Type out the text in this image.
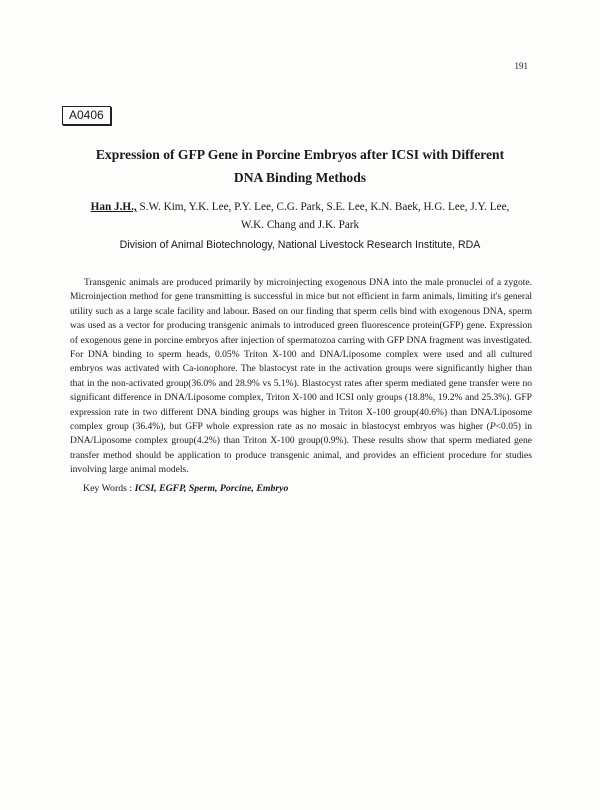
191
A0406
Expression of GFP Gene in Porcine Embryos after ICSI with Different
DNA Binding Methods
Han J.H., S.W. Kim, Y.K. Lee, P.Y. Lee, C.G. Park, S.E. Lee, K.N. Baek, H.G. Lee, J.Y. Lee,
W.K. Chang and J.K. Park
Division of Animal Biotechnology, National Livestock Research Institute, RDA

Transgenic animals are produced primarily by microinjecting exogenous DNA into the male pronuclei of a zygote. Microinjection method for gene transmitting is successful in mice but not efficient in farm animals, limiting it's general utility such as a large scale facility and labour. Based on our finding that sperm cells bind with exogenous DNA, sperm was used as a vector for producing transgenic animals to introduced green fluorescence protein(GFP) gene. Expression of exogenous gene in porcine embryos after injection of spermatozoa carring with GFP DNA fragment was investigated. For DNA binding to sperm heads, 0.05% Triton X-100 and DNA/Liposome complex were used and all cultured embryos was activated with Ca-ionophore. The blastocyst rate in the activation groups were significantly higher than that in the non-activated group(36.0% and 28.9% vs 5.1%). Blastocyst rates after sperm mediated gene transfer were no significant difference in DNA/Liposome complex, Triton X-100 and ICSI only groups (18.8%, 19.2% and 25.3%). GFP expression rate in two different DNA binding groups was higher in Triton X-100 group(40.6%) than DNA/Liposome complex group (36.4%), but GFP whole expression rate as no mosaic in blastocyst embryos was higher (P<0.05) in DNA/Liposome complex group(4.2%) than Triton X-100 group(0.9%). These results show that sperm mediated gene transfer method should be application to produce transgenic animal, and provides an efficient procedure for studies involving large animal models.

Key Words : ICSI, EGFP, Sperm, Porcine, Embryo
